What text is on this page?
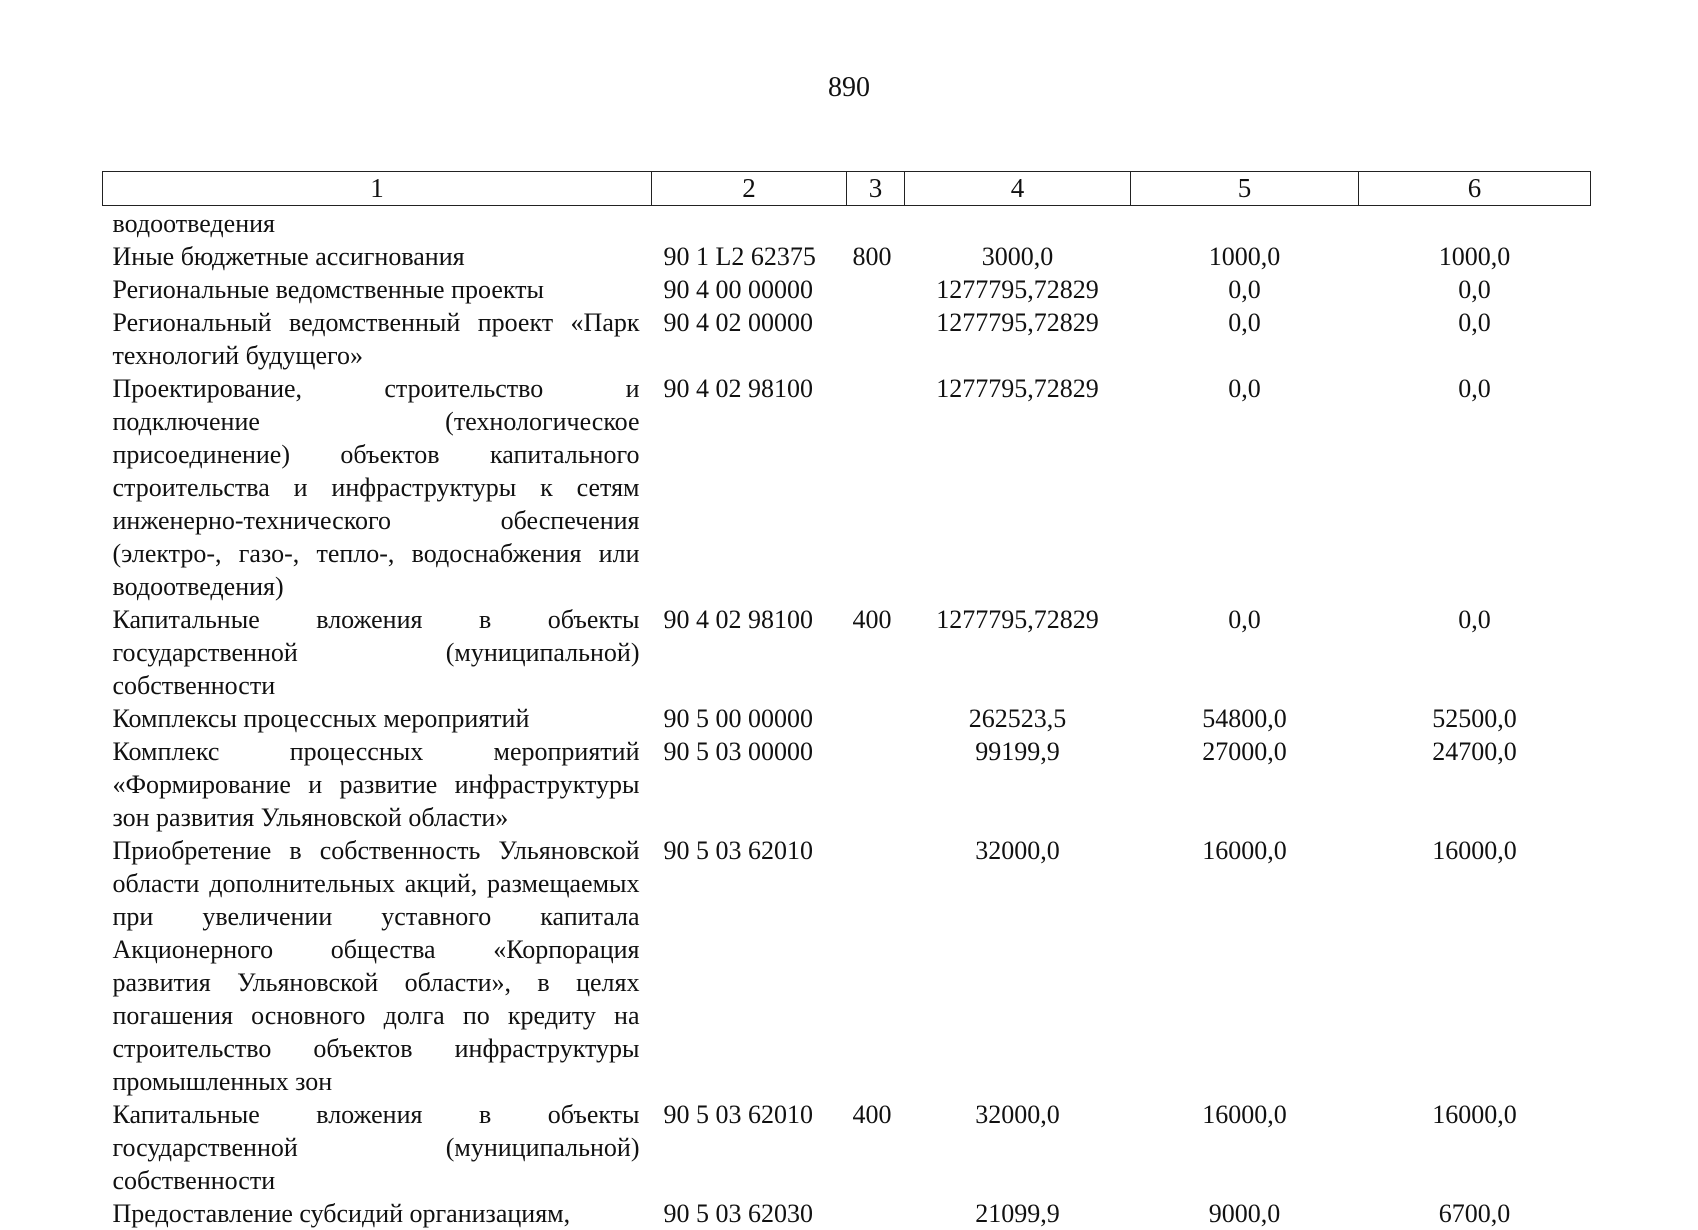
890
1	2	3	4	5	6
водоотведения					
Иные бюджетные ассигнования	90 1 L2 62375	800	3000,0	1000,0	1000,0
Региональные ведомственные проекты	90 4 00 00000		1277795,72829	0,0	0,0
Региональный ведомственный проект «Парк технологий будущего»	90 4 02 00000		1277795,72829	0,0	0,0
Проектирование, строительство и подключение (технологическое присоединение) объектов капитального строительства и инфраструктуры к сетям инженерно-технического обеспечения (электро-, газо-, тепло-, водоснабжения или водоотведения)	90 4 02 98100		1277795,72829	0,0	0,0
Капитальные вложения в объекты государственной (муниципальной) собственности	90 4 02 98100	400	1277795,72829	0,0	0,0
Комплексы процессных мероприятий	90 5 00 00000		262523,5	54800,0	52500,0
Комплекс процессных мероприятий «Формирование и развитие инфраструктуры зон развития Ульяновской области»	90 5 03 00000		99199,9	27000,0	24700,0
Приобретение в собственность Ульяновской области дополнительных акций, размещаемых при увеличении уставного капитала Акционерного общества «Корпорация развития Ульяновской области», в целях погашения основного долга по кредиту на строительство объектов инфраструктуры промышленных зон	90 5 03 62010		32000,0	16000,0	16000,0
Капитальные вложения в объекты государственной (муниципальной) собственности	90 5 03 62010	400	32000,0	16000,0	16000,0
Предоставление субсидий организациям,	90 5 03 62030		21099,9	9000,0	6700,0
